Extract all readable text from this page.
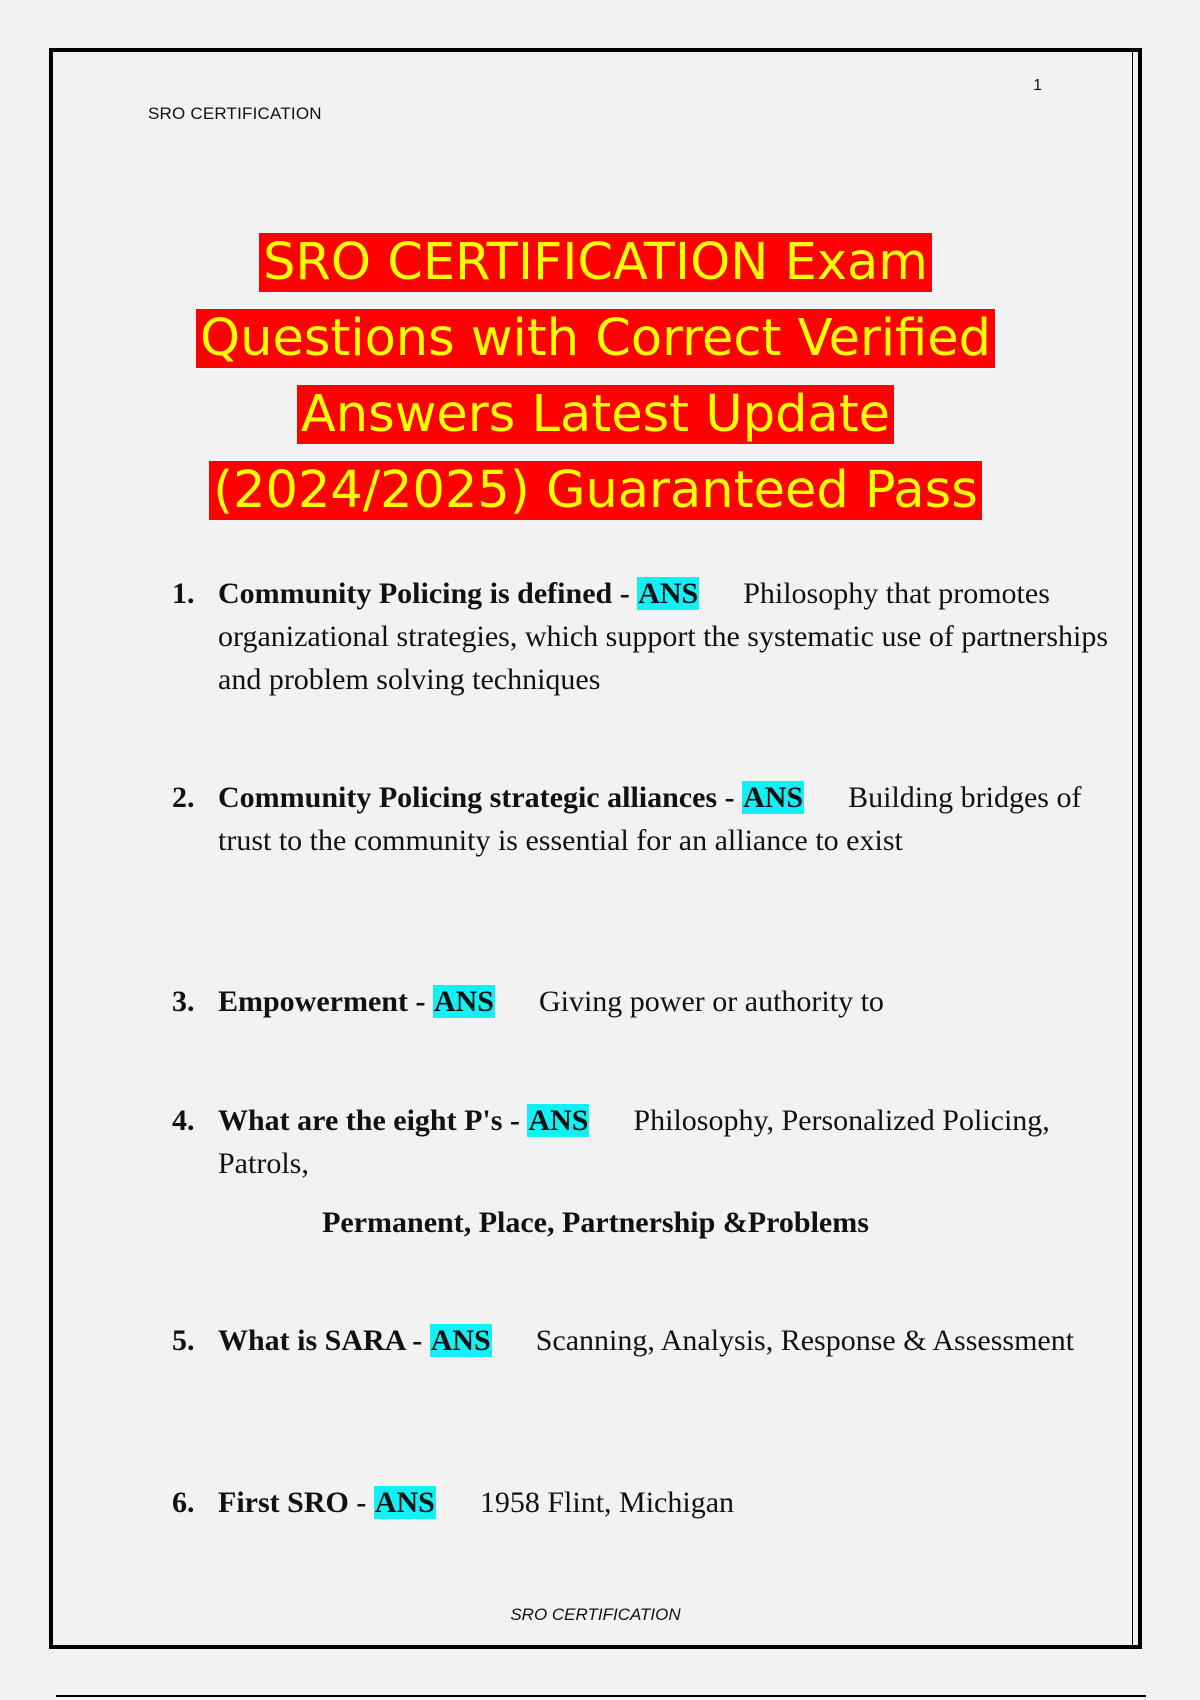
1
SRO CERTIFICATION
SRO CERTIFICATION Exam
Questions with Correct Verified
Answers Latest Update
(2024/2025) Guaranteed Pass
1. Community Policing is defined - ANS Philosophy that promotes organizational strategies, which support the systematic use of partnerships and problem solving techniques
2. Community Policing strategic alliances - ANS Building bridges of trust to the community is essential for an alliance to exist
3. Empowerment - ANS Giving power or authority to
4. What are the eight P's - ANS Philosophy, Personalized Policing, Patrols,
Permanent, Place, Partnership &Problems
5. What is SARA - ANS Scanning, Analysis, Response & Assessment
6. First SRO - ANS 1958 Flint, Michigan
SRO CERTIFICATION
